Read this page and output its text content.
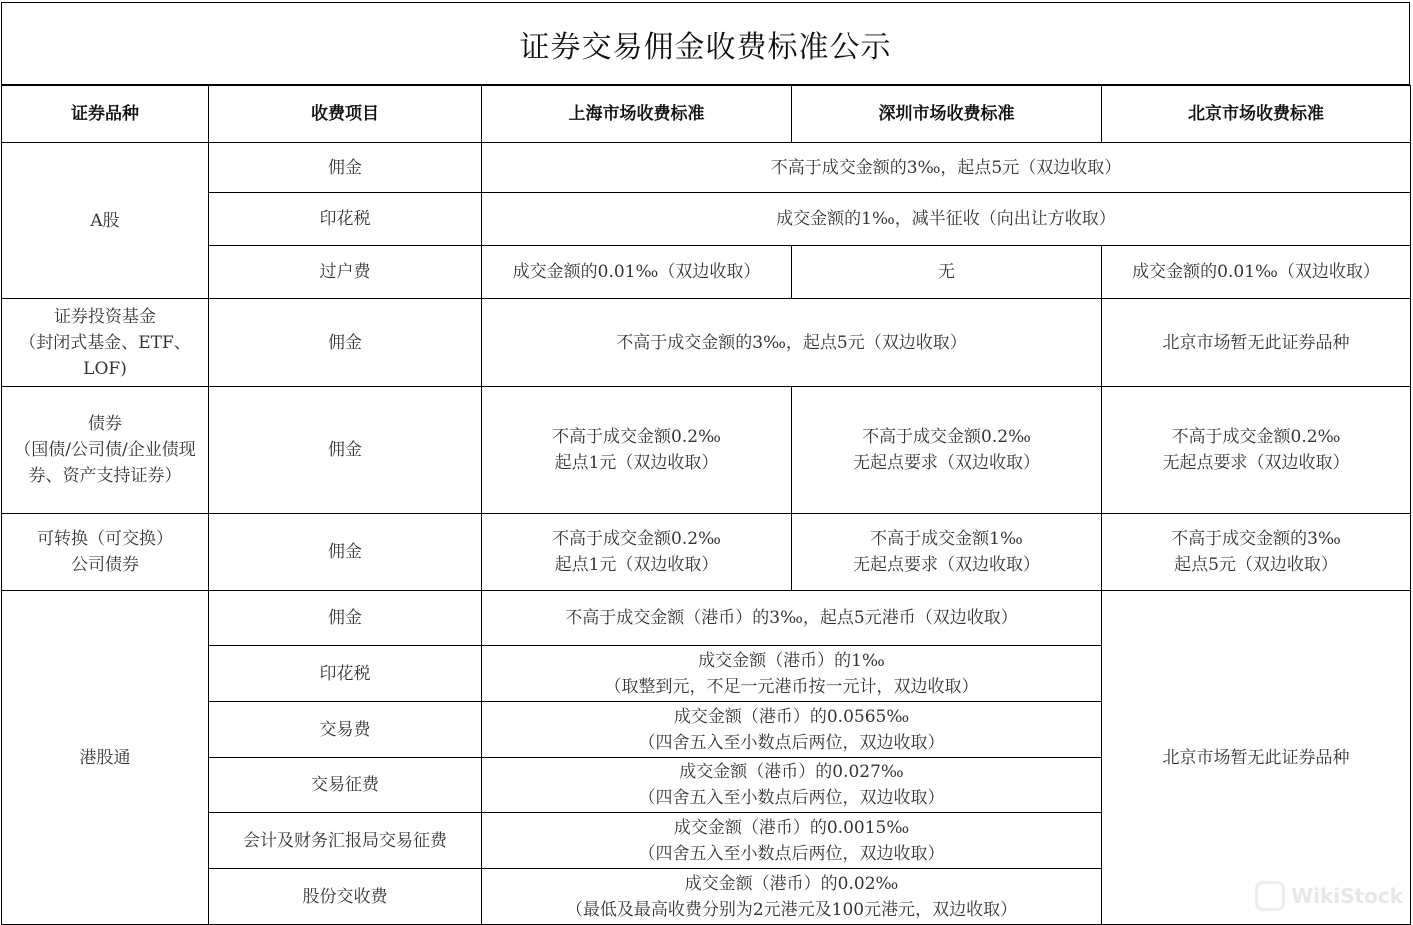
证券交易佣金收费标准公示
证券品种	收费项目	上海市场收费标准	深圳市场收费标准	北京市场收费标准
A股	佣金	不高于成交金额的3‰，起点5元（双边收取）		
	印花税	成交金额的1‰，减半征收（向出让方收取）		
	过户费	成交金额的0.01‰（双边收取）	无	成交金额的0.01‰（双边收取）

证券投资基金
（封闭式基金、ETF、
LOF)	佣金	不高于成交金额的3‰，起点5元（双边收取）		北京市场暂无此证券品种

债券
（国债/公司债/企业债现
券、资产支持证券）	佣金	不高于成交金额0.2‰
起点1元（双边收取）	不高于成交金额0.2‰
无起点要求（双边收取）	不高于成交金额0.2‰
无起点要求（双边收取）

可转换（可交换）
公司债券	佣金	不高于成交金额0.2‰
起点1元（双边收取）	不高于成交金额1‰
无起点要求（双边收取）	不高于成交金额的3‰
起点5元（双边收取）

港股通	佣金	不高于成交金额（港币）的3‰，起点5元港币（双边收取）		北京市场暂无此证券品种
	印花税	成交金额（港币）的1‰
（取整到元，不足一元港币按一元计，双边收取）		

	交易费	成交金额（港币）的0.0565‰
（四舍五入至小数点后两位，双边收取）		

	交易征费	成交金额（港币）的0.027‰
（四舍五入至小数点后两位，双边收取）		

	会计及财务汇报局交易征费	成交金额（港币）的0.0015‰
（四舍五入至小数点后两位，双边收取）		

	股份交收费	成交金额（港币）的0.02‰
（最低及最高收费分别为2元港元及100元港元，双边收取）		
WikiStock
